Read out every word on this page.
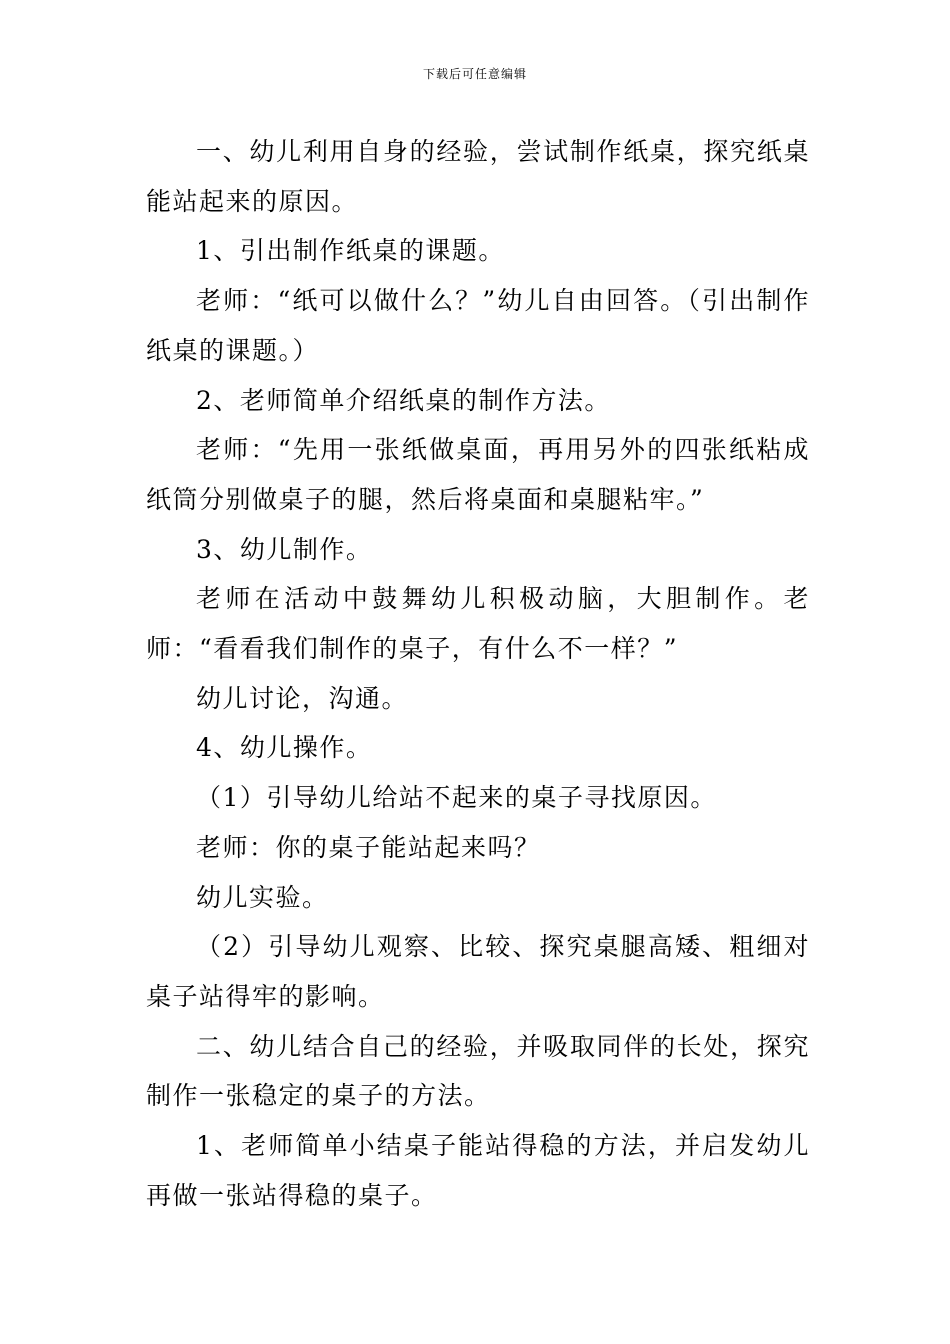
下载后可任意编辑

一、幼儿利用自身的经验，尝试制作纸桌，探究纸桌能站起来的原因。

1、引出制作纸桌的课题。

老师：“纸可以做什么？”幼儿自由回答。（引出制作纸桌的课题。）

2、老师简单介绍纸桌的制作方法。

老师：“先用一张纸做桌面，再用另外的四张纸粘成纸筒分别做桌子的腿，然后将桌面和桌腿粘牢。”

3、幼儿制作。

老师在活动中鼓舞幼儿积极动脑，大胆制作。老师：“看看我们制作的桌子，有什么不一样？”

幼儿讨论，沟通。

4、幼儿操作。

（1）引导幼儿给站不起来的桌子寻找原因。

老师：你的桌子能站起来吗？

幼儿实验。

（2）引导幼儿观察、比较、探究桌腿高矮、粗细对桌子站得牢的影响。

二、幼儿结合自己的经验，并吸取同伴的长处，探究制作一张稳定的桌子的方法。

1、老师简单小结桌子能站得稳的方法，并启发幼儿再做一张站得稳的桌子。
